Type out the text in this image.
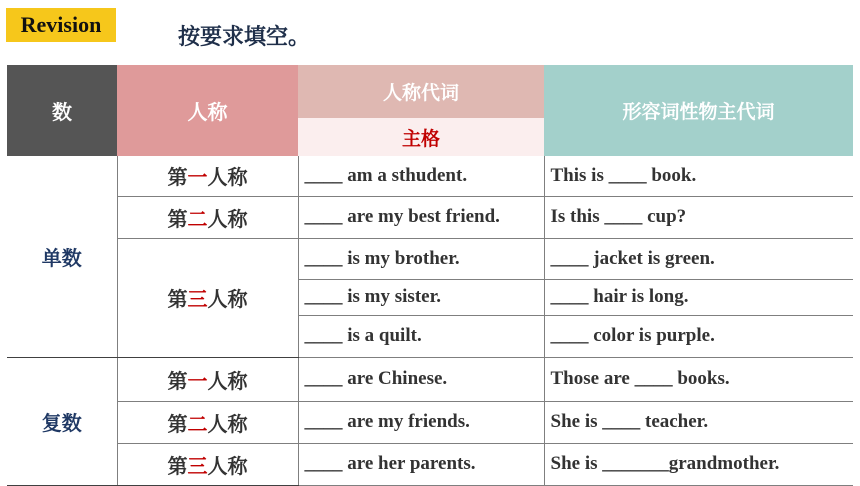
Revision
按要求填空。
数	人称	人称代词	形容词性物主代词
		主格	
单数	第一人称	____ am a sthudent.	This is ____ book.
	第二人称	____ are my best friend.	Is this ____ cup?
	第三人称	____ is my brother.	____ jacket is green.
		____ is my sister.	____ hair is long.
		____ is a quilt.	____ color is purple.
复数	第一人称	____ are Chinese.	Those are ____ books.
	第二人称	____ are my friends.	She is ____ teacher.
	第三人称	____ are her parents.	She is _______grandmother.
